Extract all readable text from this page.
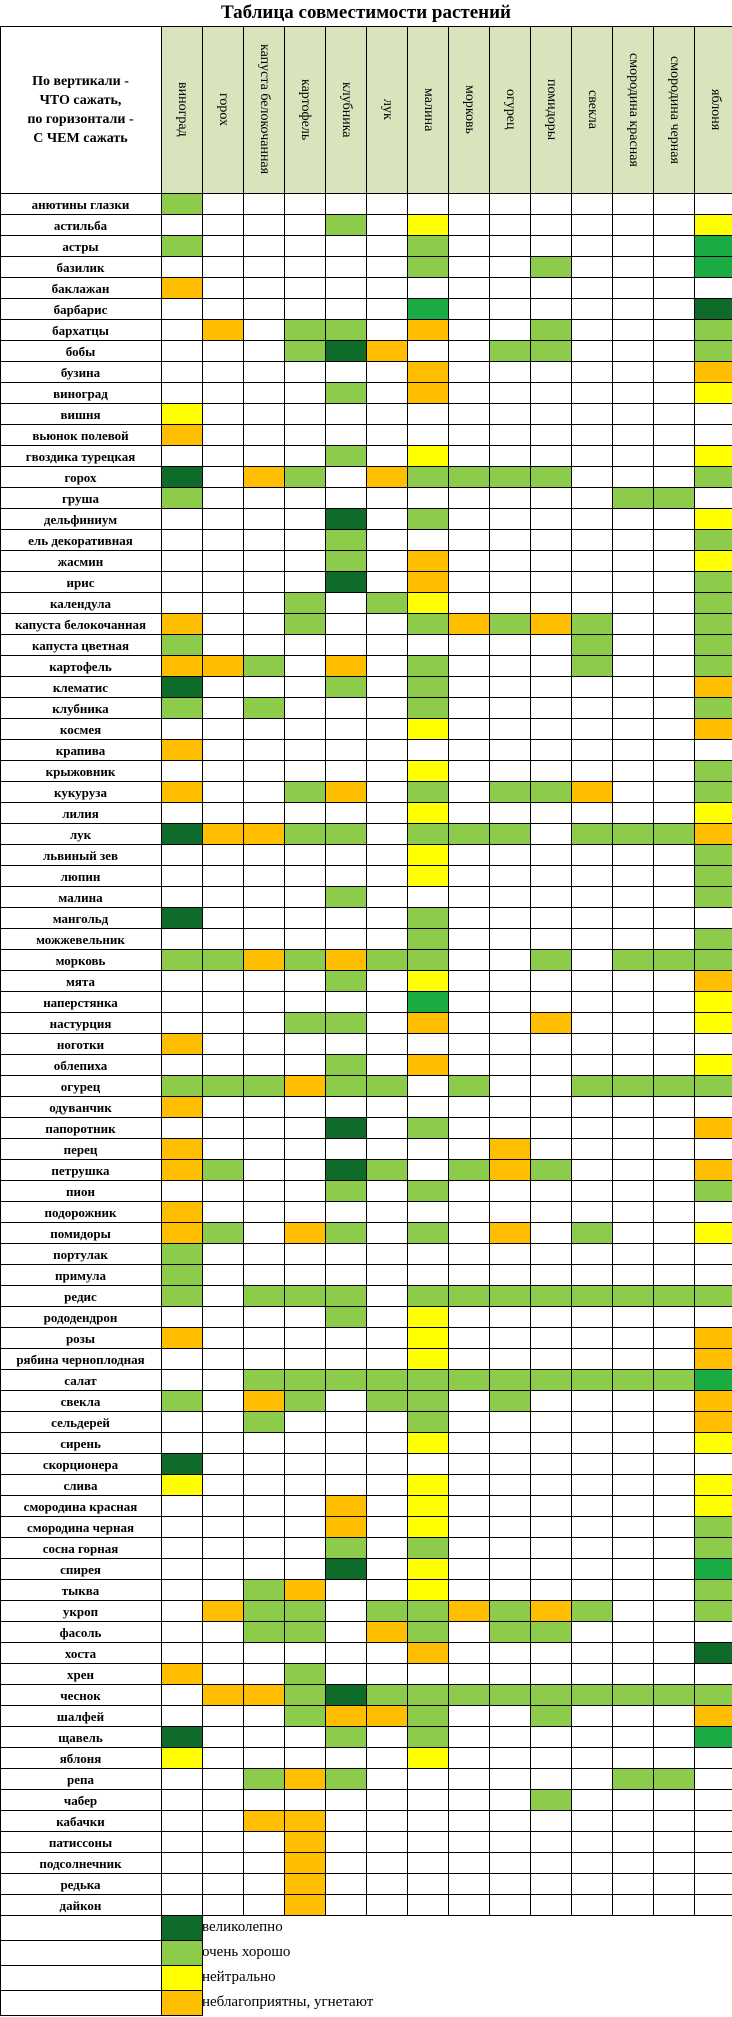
Таблица совместимости растений
По вертикали -
ЧТО сажать,
по горизонтали -
С ЧЕМ сажать
виноград горох капуста белокочанная картофель клубника лук малина морковь огурец помидоры свекла смородина красная смородина черная яблоня
анютины глазки
астильба
астры
базилик
баклажан
барбарис
бархатцы
бобы
бузина
виноград
вишня
вьюнок полевой
гвоздика турецкая
горох
груша
дельфиниум
ель декоративная
жасмин
ирис
календула
капуста белокочанная
капуста цветная
картофель
клематис
клубника
космея
крапива
крыжовник
кукуруза
лилия
лук
львиный зев
люпин
малина
мангольд
можжевельник
морковь
мята
наперстянка
настурция
ноготки
облепиха
огурец
одуванчик
папоротник
перец
петрушка
пион
подорожник
помидоры
портулак
примула
редис
рододендрон
розы
рябина черноплодная
салат
свекла
сельдерей
сирень
скорционера
слива
смородина красная
смородина черная
сосна горная
спирея
тыква
укроп
фасоль
хоста
хрен
чеснок
шалфей
щавель
яблоня
репа
чабер
кабачки
патиссоны
подсолнечник
редька
дайкон
великолепно
очень хорошо
нейтрально
неблагоприятны, угнетают
